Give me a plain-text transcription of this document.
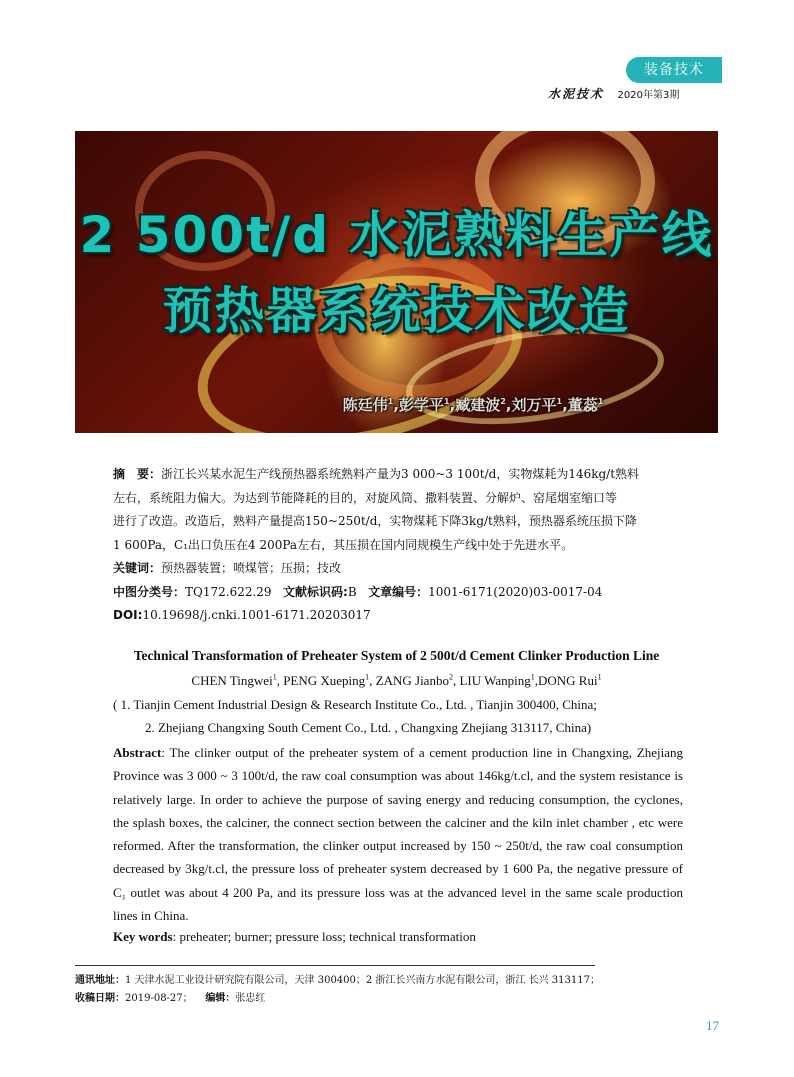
装备技术
水泥技术 2020年第3期
2 500t/d 水泥熟料生产线
预热器系统技术改造
陈廷伟$^1$,彭学平$^1$,臧建波$^2$,刘万平$^1$,董蕊$^1$

摘　要：浙江长兴某水泥生产线预热器系统熟料产量为3 000~3 100t/d，实物煤耗为146kg/t熟料

左右，系统阻力偏大。为达到节能降耗的目的，对旋风筒、撒料装置、分解炉、窑尾烟室缩口等

进行了改造。改造后，熟料产量提高150~250t/d，实物煤耗下降3kg/t熟料，预热器系统压损下降

1 600Pa，C₁出口负压在4 200Pa左右，其压损在国内同规模生产线中处于先进水平。

关键词：预热器装置；喷煤管；压损；技改

中图分类号：TQ172.622.29 文献标识码:B 文章编号：1001-6171(2020)03-0017-04

DOI:10.19698/j.cnki.1001-6171.20203017

Technical Transformation of Preheater System of 2 500t/d Cement Clinker Production Line
CHEN Tingwei$^1$, PENG Xueping$^1$, ZANG Jianbo$^2$, LIU Wanping$^1$,DONG Rui$^1$
( 1. Tianjin Cement Industrial Design & Research Institute Co., Ltd. , Tianjin 300400, China;
2. Zhejiang Changxing South Cement Co., Ltd. , Changxing Zhejiang 313117, China)
Abstract: The clinker output of the preheater system of a cement production line in Changxing, Zhejiang Province was 3 000 ~ 3 100t/d, the raw coal consumption was about 146kg/t.cl, and the system resistance is relatively large. In order to achieve the purpose of saving energy and reducing consumption, the cyclones, the splash boxes, the calciner, the connect section between the calciner and the kiln inlet chamber , etc were reformed. After the transformation, the clinker output increased by 150 ~ 250t/d, the raw coal consumption decreased by 3kg/t.cl, the pressure loss of preheater system decreased by 1 600 Pa, the negative pressure of C₁ outlet was about 4 200 Pa, and its pressure loss was at the advanced level in the same scale production lines in China.
Key words: preheater; burner; pressure loss; technical transformation
通讯地址：1 天津水泥工业设计研究院有限公司，天津 300400；2 浙江长兴南方水泥有限公司，浙江 长兴 313117；
收稿日期：2019-08-27； 编辑：张忠红
17
